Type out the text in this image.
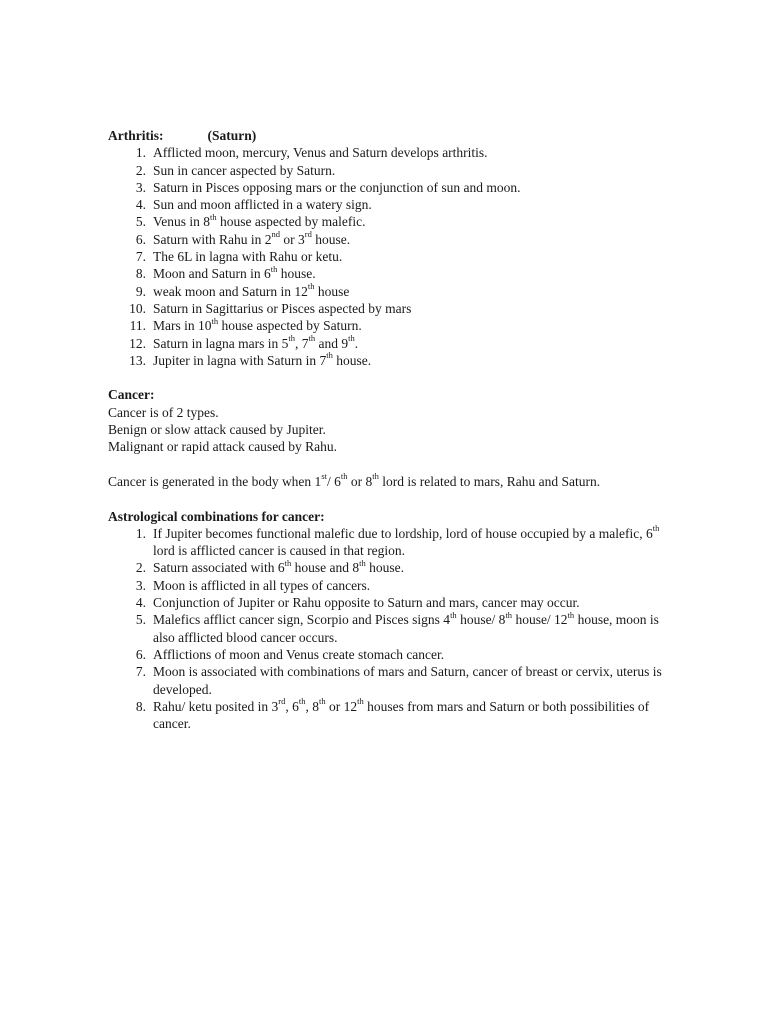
Arthritis:	(Saturn)

1. Afflicted moon, mercury, Venus and Saturn develops arthritis.
2. Sun in cancer aspected by Saturn.
3. Saturn in Pisces opposing mars or the conjunction of sun and moon.
4. Sun and moon afflicted in a watery sign.
5. Venus in 8th house aspected by malefic.
6. Saturn with Rahu in 2nd or 3rd house.
7. The 6L in lagna with Rahu or ketu.
8. Moon and Saturn in 6th house.
9. weak moon and Saturn in 12th house
10. Saturn in Sagittarius or Pisces aspected by mars
11. Mars in 10th house aspected by Saturn.
12. Saturn in lagna mars in 5th, 7th and 9th.
13. Jupiter in lagna with Saturn in 7th house.

Cancer:

Cancer is of 2 types.

Benign or slow attack caused by Jupiter.

Malignant or rapid attack caused by Rahu.

Cancer is generated in the body when 1st/ 6th or 8th lord is related to mars, Rahu and Saturn.

Astrological combinations for cancer:

1. If Jupiter becomes functional malefic due to lordship, lord of house occupied by a malefic, 6th lord is afflicted cancer is caused in that region.
2. Saturn associated with 6th house and 8th house.
3. Moon is afflicted in all types of cancers.
4. Conjunction of Jupiter or Rahu opposite to Saturn and mars, cancer may occur.
5. Malefics afflict cancer sign, Scorpio and Pisces signs 4th house/ 8th house/ 12th house, moon is also afflicted blood cancer occurs.
6. Afflictions of moon and Venus create stomach cancer.
7. Moon is associated with combinations of mars and Saturn, cancer of breast or cervix, uterus is developed.
8. Rahu/ ketu posited in 3rd, 6th, 8th or 12th houses from mars and Saturn or both possibilities of cancer.
